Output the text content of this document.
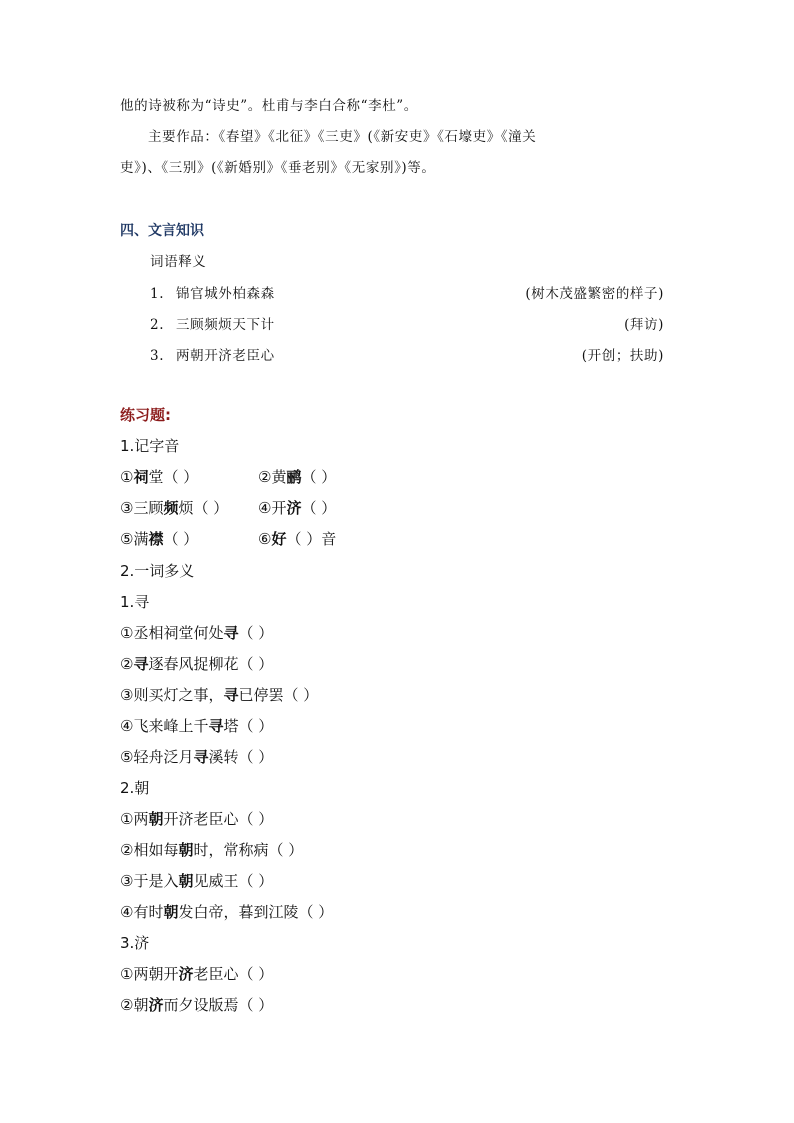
他的诗被称为“诗史”。杜甫与李白合称“李杜”。
主要作品：《春望》《北征》《三吏》(《新安吏》《石壕吏》《潼关
吏》)、《三别》(《新婚别》《垂老别》《无家别》)等。
四、文言知识
词语释义
1. 锦官城外柏森森	(树木茂盛繁密的样子)
2. 三顾频烦天下计	(拜访)
3. 两朝开济老臣心	(开创；扶助)
练习题:
1.记字音
①祠堂（ ）	②黄鹂（ ）
③三顾频烦（ ） ④开济（ ）
⑤满襟（ ）	⑥好（ ）音
2.一词多义
1.寻
①丞相祠堂何处寻（ ）
②寻逐春风捉柳花（ ）
③则买灯之事，寻已停罢（ ）
④飞来峰上千寻塔（ ）
⑤轻舟泛月寻溪转（ ）
2.朝
①两朝开济老臣心（ ）
②相如每朝时，常称病（ ）
③于是入朝见威王（ ）
④有时朝发白帝，暮到江陵（ ）
3.济
①两朝开济老臣心（ ）
②朝济而夕设版焉（ ）
